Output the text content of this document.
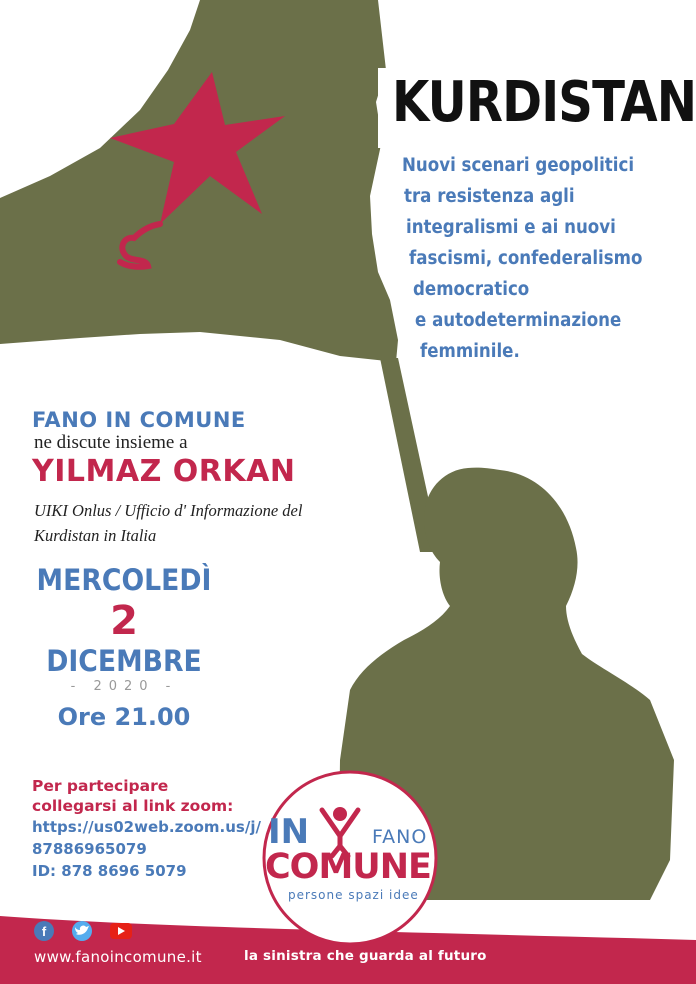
f
KURDISTAN
Nuovi scenari geopolitici
tra resistenza agli
integralismi e ai nuovi
fascismi, confederalismo
democratico
e autodeterminazione
femminile.
FANO IN COMUNE
ne discute insieme a
YILMAZ ORKAN
UIKI Onlus / Ufficio d' Informazione del
Kurdistan in Italia
MERCOLEDÌ
2
DICEMBRE
- 2020 -
Ore 21.00
Per partecipare
collegarsi al link zoom:
https://us02web.zoom.us/j/
87886965079
ID: 878 8696 5079
IN	FANO
COMUNE
persone spazi idee
www.fanoincomune.it	la sinistra che guarda al futuro
